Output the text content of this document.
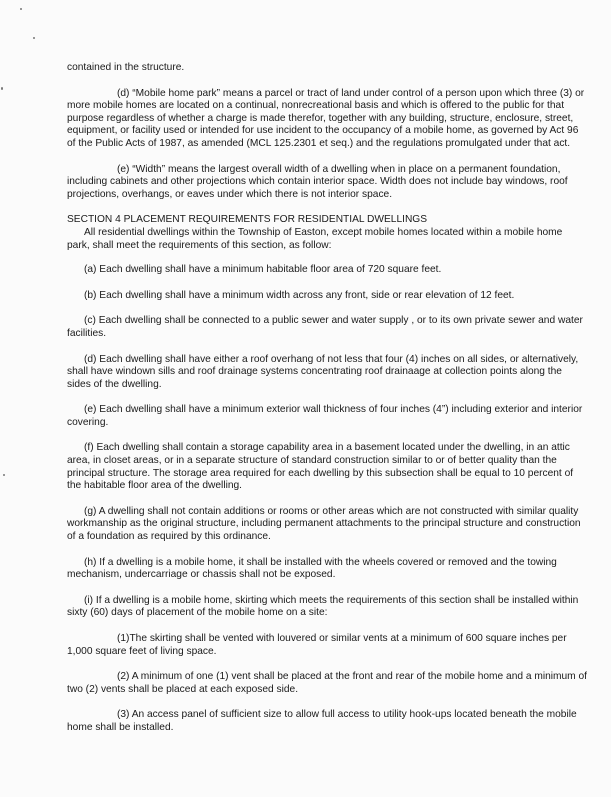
contained in the structure.

(d) “Mobile home park” means a parcel or tract of land under control of a person upon which three (3) or more mobile homes are located on a continual, nonrecreational basis and which is offered to the public for that purpose regardless of whether a charge is made therefor, together with any building, structure, enclosure, street, equipment, or facility used or intended for use incident to the occupancy of a mobile home, as governed by Act 96 of the Public Acts of 1987, as amended (MCL 125.2301 et seq.) and the regulations promulgated under that act.

(e) “Width” means the largest overall width of a dwelling when in place on a permanent foundation, including cabinets and other projections which contain interior space. Width does not include bay windows, roof projections, overhangs, or eaves under which there is not interior space.

SECTION 4 PLACEMENT REQUIREMENTS FOR RESIDENTIAL DWELLINGS

All residential dwellings within the Township of Easton, except mobile homes located within a mobile home park, shall meet the requirements of this section, as follow:

(a) Each dwelling shall have a minimum habitable floor area of 720 square feet.

(b) Each dwelling shall have a minimum width across any front, side or rear elevation of 12 feet.

(c) Each dwelling shall be connected to a public sewer and water supply , or to its own private sewer and water facilities.

(d) Each dwelling shall have either a roof overhang of not less that four (4) inches on all sides, or alternatively, shall have windown sills and roof drainage systems concentrating roof drainaage at collection points along the sides of the dwelling.

(e) Each dwelling shall have a minimum exterior wall thickness of four inches (4”) including exterior and interior covering.

(f) Each dwelling shall contain a storage capability area in a basement located under the dwelling, in an attic area, in closet areas, or in a separate structure of standard construction similar to or of better quality than the principal structure. The storage area required for each dwelling by this subsection shall be equal to 10 percent of the habitable floor area of the dwelling.

(g) A dwelling shall not contain additions or rooms or other areas which are not constructed with similar quality workmanship as the original structure, including permanent attachments to the principal structure and construction of a foundation as required by this ordinance.

(h) If a dwelling is a mobile home, it shall be installed with the wheels covered or removed and the towing mechanism, undercarriage or chassis shall not be exposed.

(i) If a dwelling is a mobile home, skirting which meets the requirements of this section shall be installed within sixty (60) days of placement of the mobile home on a site:

(1)The skirting shall be vented with louvered or similar vents at a minimum of 600 square inches per 1,000 square feet of living space.

(2) A minimum of one (1) vent shall be placed at the front and rear of the mobile home and a minimum of two (2) vents shall be placed at each exposed side.

(3) An access panel of sufficient size to allow full access to utility hook-ups located beneath the mobile home shall be installed.
